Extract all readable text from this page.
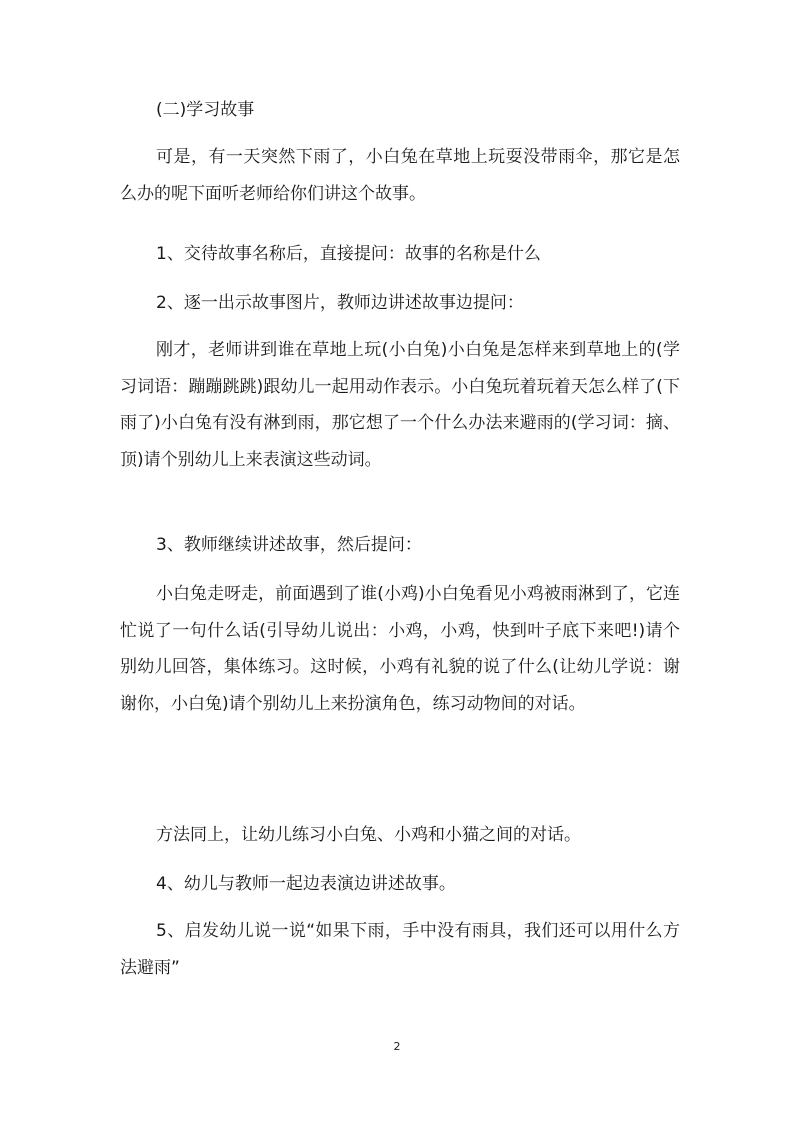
(二)学习故事

可是，有一天突然下雨了，小白兔在草地上玩耍没带雨伞，那它是怎么办的呢下面听老师给你们讲这个故事。

1、交待故事名称后，直接提问：故事的名称是什么

2、逐一出示故事图片，教师边讲述故事边提问：

刚才，老师讲到谁在草地上玩(小白兔)小白兔是怎样来到草地上的(学习词语：蹦蹦跳跳)跟幼儿一起用动作表示。小白兔玩着玩着天怎么样了(下雨了)小白兔有没有淋到雨，那它想了一个什么办法来避雨的(学习词：摘、顶)请个别幼儿上来表演这些动词。

3、教师继续讲述故事，然后提问：

小白兔走呀走，前面遇到了谁(小鸡)小白兔看见小鸡被雨淋到了，它连忙说了一句什么话(引导幼儿说出：小鸡，小鸡，快到叶子底下来吧!)请个别幼儿回答，集体练习。这时候，小鸡有礼貌的说了什么(让幼儿学说：谢谢你，小白兔)请个别幼儿上来扮演角色，练习动物间的对话。

方法同上，让幼儿练习小白兔、小鸡和小猫之间的对话。

4、幼儿与教师一起边表演边讲述故事。

5、启发幼儿说一说“如果下雨，手中没有雨具，我们还可以用什么方法避雨”

2
